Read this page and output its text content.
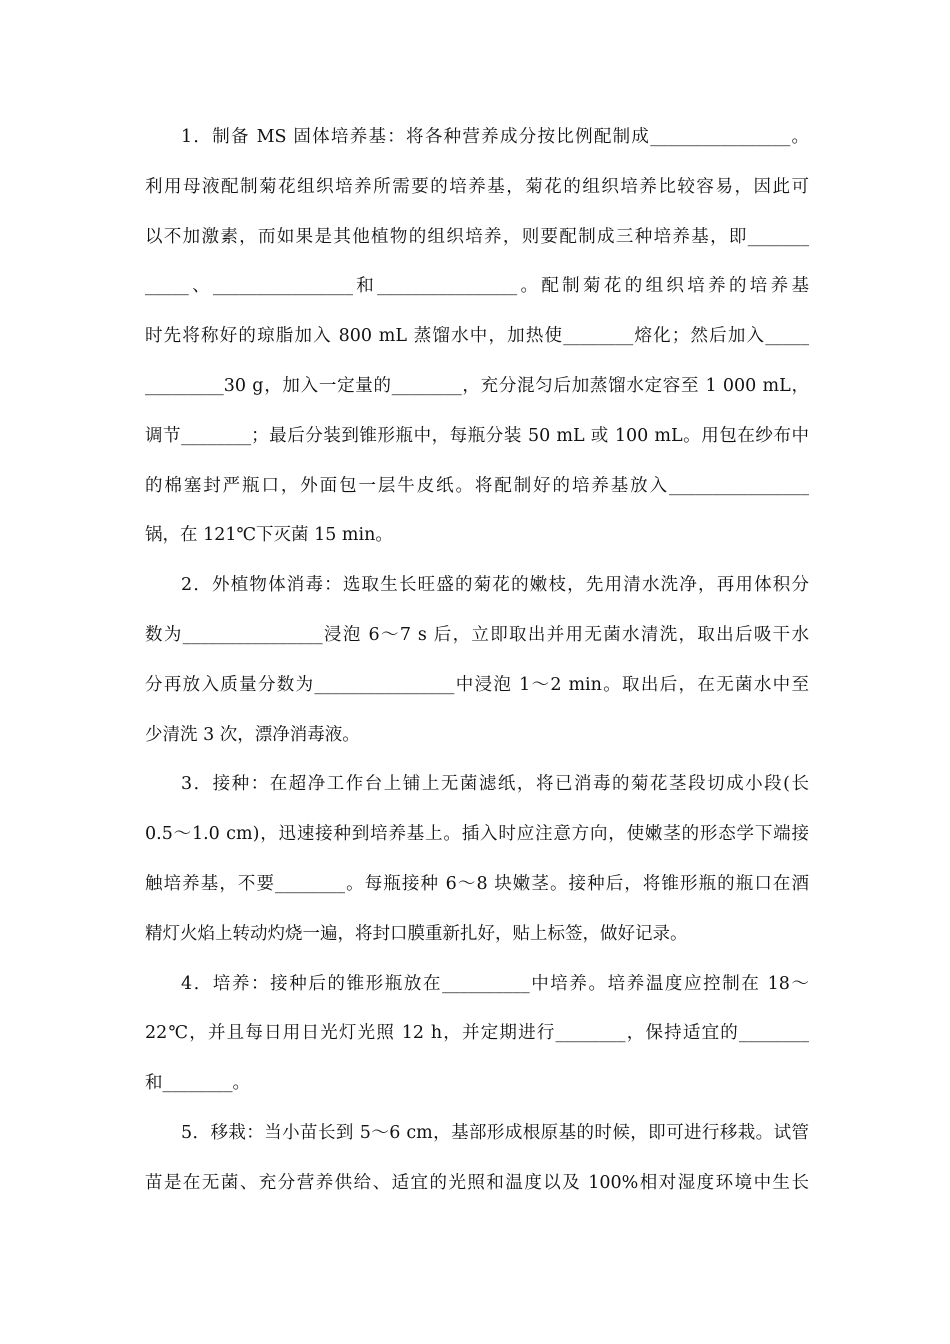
1．制备 MS 固体培养基：将各种营养成分按比例配制成________________。
利用母液配制菊花组织培养所需要的培养基，菊花的组织培养比较容易，因此可
以不加激素，而如果是其他植物的组织培养，则要配制成三种培养基，即_______
_____、________________和________________。配制菊花的组织培养的培养基
时先将称好的琼脂加入 800 mL 蒸馏水中，加热使________熔化；然后加入_____
_________30 g，加入一定量的________，充分混匀后加蒸馏水定容至 1 000 mL，
调节________；最后分装到锥形瓶中，每瓶分装 50 mL 或 100 mL。用包在纱布中
的棉塞封严瓶口，外面包一层牛皮纸。将配制好的培养基放入________________
锅，在 121℃下灭菌 15 min。
2．外植物体消毒：选取生长旺盛的菊花的嫩枝，先用清水洗净，再用体积分
数为________________浸泡 6～7 s 后，立即取出并用无菌水清洗，取出后吸干水
分再放入质量分数为________________中浸泡 1～2 min。取出后，在无菌水中至
少清洗 3 次，漂净消毒液。
3．接种：在超净工作台上铺上无菌滤纸，将已消毒的菊花茎段切成小段(长
0.5～1.0 cm)，迅速接种到培养基上。插入时应注意方向，使嫩茎的形态学下端接
触培养基，不要________。每瓶接种 6～8 块嫩茎。接种后，将锥形瓶的瓶口在酒
精灯火焰上转动灼烧一遍，将封口膜重新扎好，贴上标签，做好记录。
4．培养：接种后的锥形瓶放在__________中培养。培养温度应控制在 18～
22℃，并且每日用日光灯光照 12 h，并定期进行________，保持适宜的________
和________。
5．移栽：当小苗长到 5～6 cm，基部形成根原基的时候，即可进行移栽。试管
苗是在无菌、充分营养供给、适宜的光照和温度以及 100%相对湿度环境中生长
